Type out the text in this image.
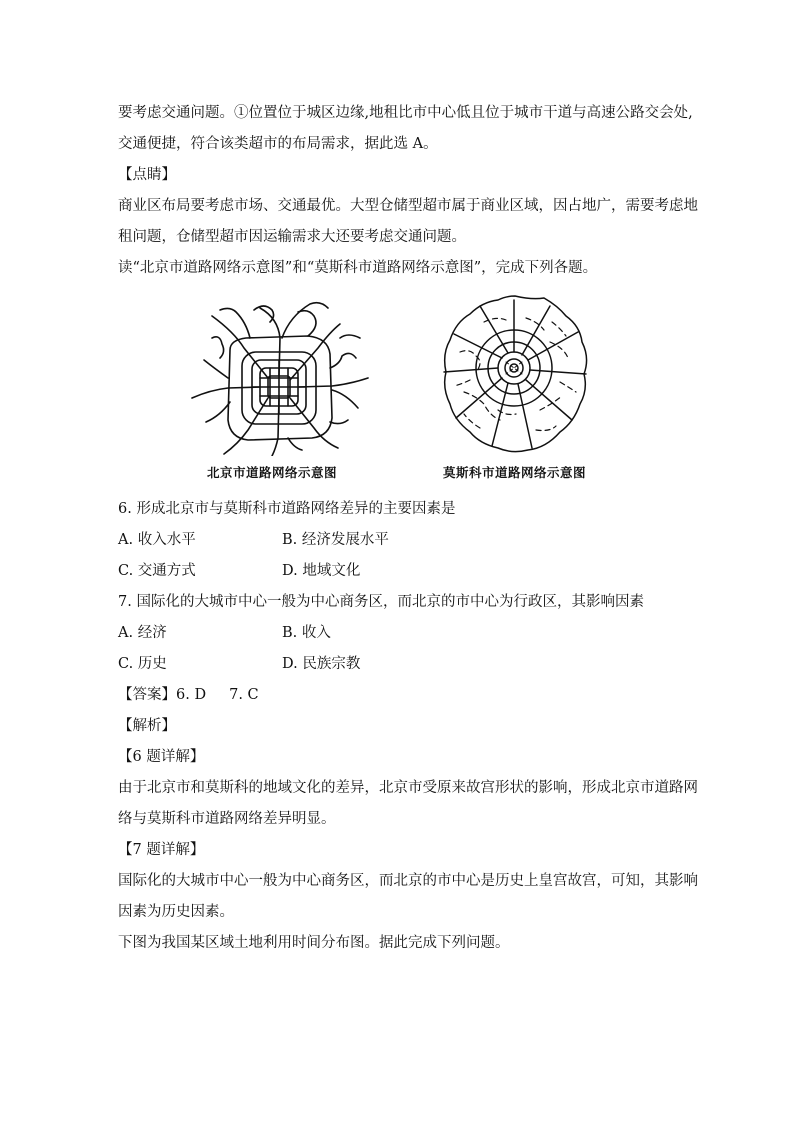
要考虑交通问题。①位置位于城区边缘,地租比市中心低且位于城市干道与高速公路交会处,
交通便捷，符合该类超市的布局需求，据此选 A。
【点睛】
商业区布局要考虑市场、交通最优。大型仓储型超市属于商业区域，因占地广，需要考虑地
租问题，仓储型超市因运输需求大还要考虑交通问题。
读“北京市道路网络示意图”和“莫斯科市道路网络示意图”，完成下列各题。
北京市道路网络示意图	莫斯科市道路网络示意图
6. 形成北京市与莫斯科市道路网络差异的主要因素是
A. 收入水平	B. 经济发展水平
C. 交通方式	D. 地域文化
7. 国际化的大城市中心一般为中心商务区，而北京的市中心为行政区，其影响因素
A. 经济	B. 收入
C. 历史	D. 民族宗教
【答案】6. D     7. C
【解析】
【6 题详解】
由于北京市和莫斯科的地域文化的差异，北京市受原来故宫形状的影响，形成北京市道路网
络与莫斯科市道路网络差异明显。
【7 题详解】
国际化的大城市中心一般为中心商务区，而北京的市中心是历史上皇宫故宫，可知，其影响
因素为历史因素。
下图为我国某区域土地利用时间分布图。据此完成下列问题。
